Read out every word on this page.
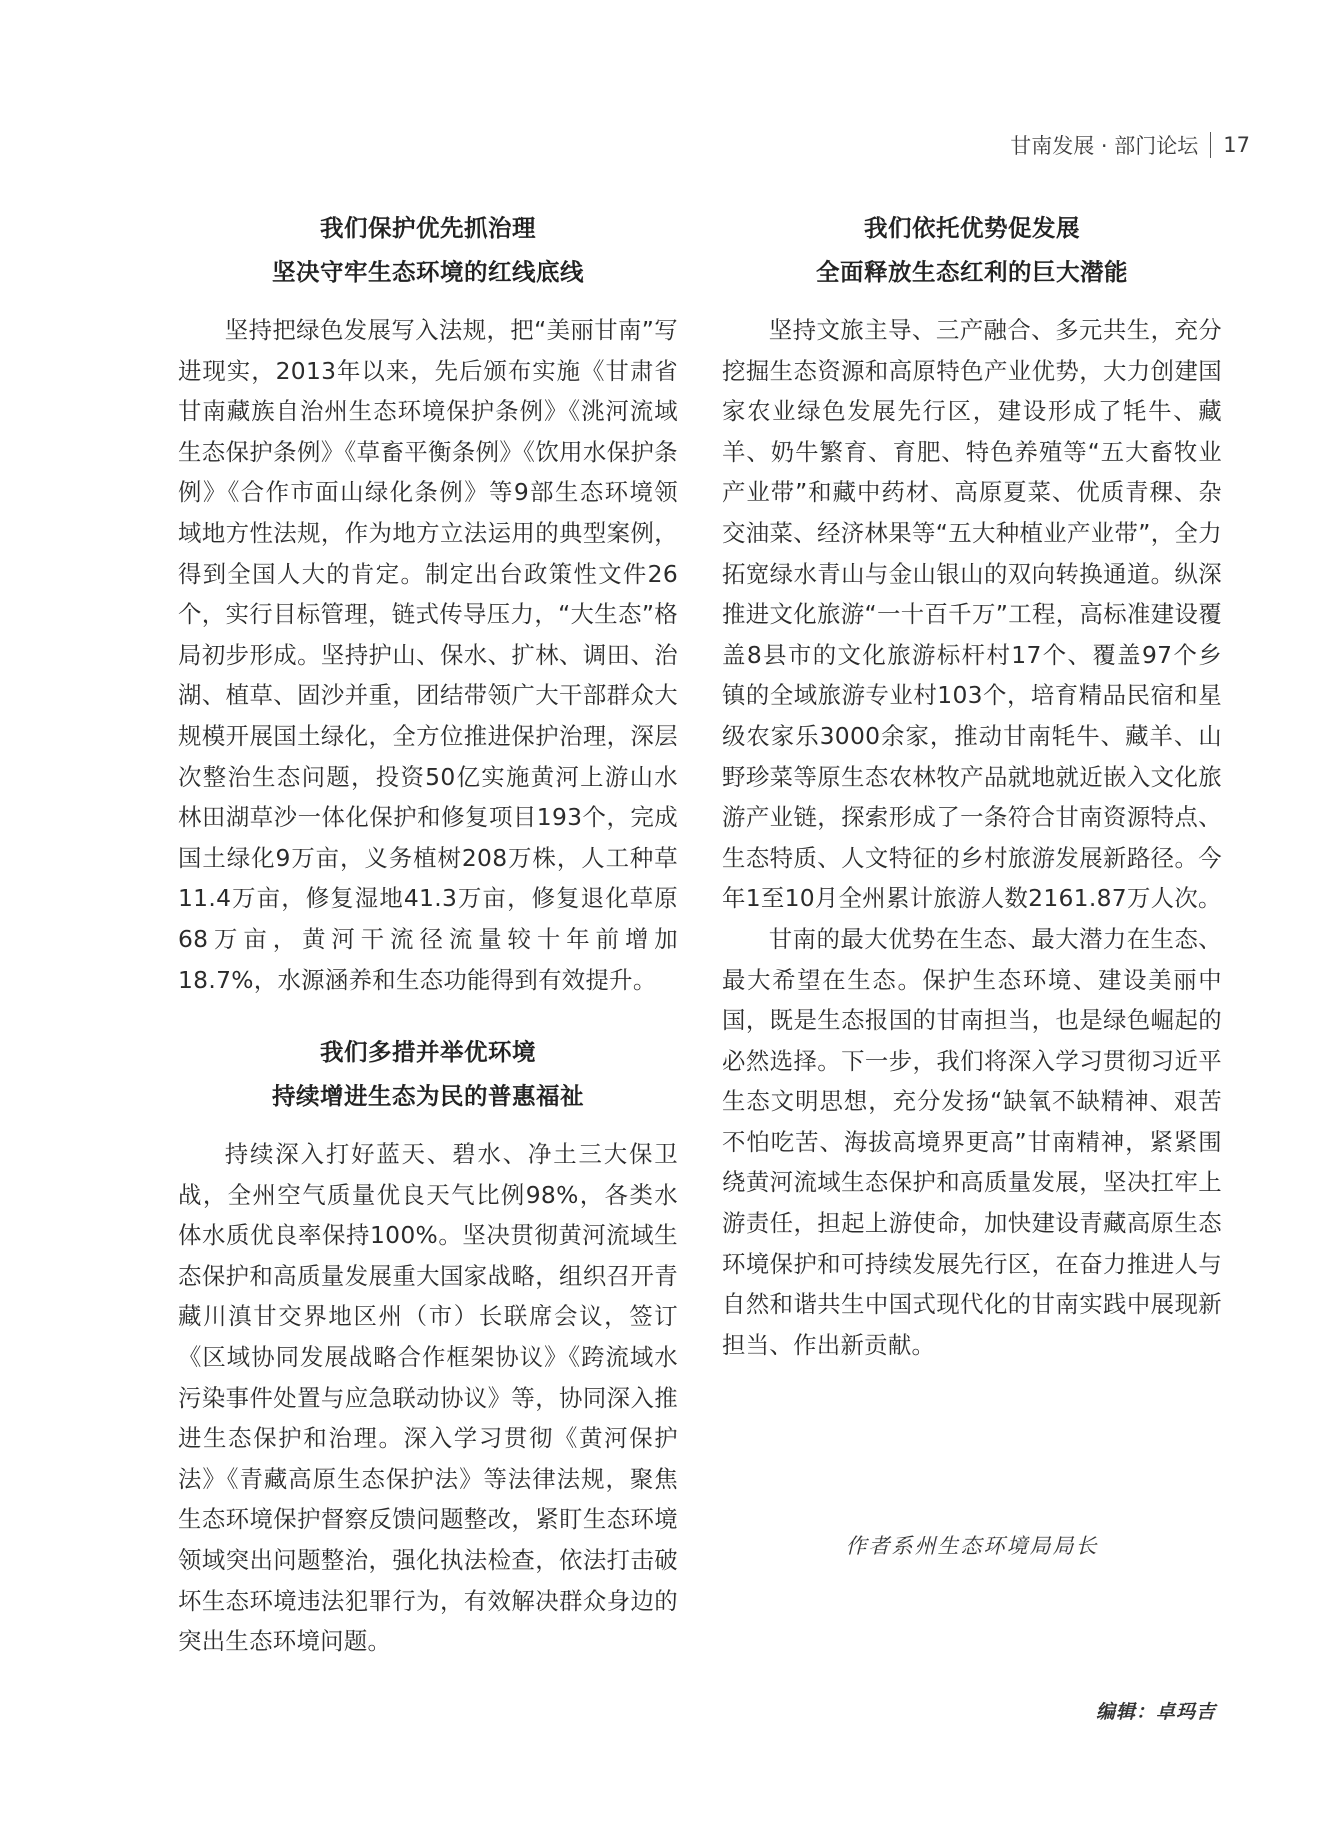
甘南发展 · 部门论坛 17
我们保护优先抓治理
坚决守牢生态环境的红线底线

坚持把绿色发展写入法规，把“美丽甘南”写进现实，2013年以来，先后颁布实施《甘肃省甘南藏族自治州生态环境保护条例》《洮河流域生态保护条例》《草畜平衡条例》《饮用水保护条例》《合作市面山绿化条例》等9部生态环境领域地方性法规，作为地方立法运用的典型案例，得到全国人大的肯定。制定出台政策性文件26个，实行目标管理，链式传导压力，“大生态”格局初步形成。坚持护山、保水、扩林、调田、治湖、植草、固沙并重，团结带领广大干部群众大规模开展国土绿化，全方位推进保护治理，深层次整治生态问题，投资50亿实施黄河上游山水林田湖草沙一体化保护和修复项目193个，完成国土绿化9万亩，义务植树208万株，人工种草11.4万亩，修复湿地41.3万亩，修复退化草原68万亩，黄河干流径流量较十年前增加18.7%，水源涵养和生态功能得到有效提升。

我们多措并举优环境
持续增进生态为民的普惠福祉

持续深入打好蓝天、碧水、净土三大保卫战，全州空气质量优良天气比例98%，各类水体水质优良率保持100%。坚决贯彻黄河流域生态保护和高质量发展重大国家战略，组织召开青藏川滇甘交界地区州（市）长联席会议，签订《区域协同发展战略合作框架协议》《跨流域水污染事件处置与应急联动协议》等，协同深入推进生态保护和治理。深入学习贯彻《黄河保护法》《青藏高原生态保护法》等法律法规，聚焦生态环境保护督察反馈问题整改，紧盯生态环境领域突出问题整治，强化执法检查，依法打击破坏生态环境违法犯罪行为，有效解决群众身边的突出生态环境问题。

我们依托优势促发展
全面释放生态红利的巨大潜能

坚持文旅主导、三产融合、多元共生，充分挖掘生态资源和高原特色产业优势，大力创建国家农业绿色发展先行区，建设形成了牦牛、藏羊、奶牛繁育、育肥、特色养殖等“五大畜牧业产业带”和藏中药材、高原夏菜、优质青稞、杂交油菜、经济林果等“五大种植业产业带”，全力拓宽绿水青山与金山银山的双向转换通道。纵深推进文化旅游“一十百千万”工程，高标准建设覆盖8县市的文化旅游标杆村17个、覆盖97个乡镇的全域旅游专业村103个，培育精品民宿和星级农家乐3000余家，推动甘南牦牛、藏羊、山野珍菜等原生态农林牧产品就地就近嵌入文化旅游产业链，探索形成了一条符合甘南资源特点、生态特质、人文特征的乡村旅游发展新路径。今年1至10月全州累计旅游人数2161.87万人次。

甘南的最大优势在生态、最大潜力在生态、最大希望在生态。保护生态环境、建设美丽中国，既是生态报国的甘南担当，也是绿色崛起的必然选择。下一步，我们将深入学习贯彻习近平生态文明思想，充分发扬“缺氧不缺精神、艰苦不怕吃苦、海拔高境界更高”甘南精神，紧紧围绕黄河流域生态保护和高质量发展，坚决扛牢上游责任，担起上游使命，加快建设青藏高原生态环境保护和可持续发展先行区，在奋力推进人与自然和谐共生中国式现代化的甘南实践中展现新担当、作出新贡献。

作者系州生态环境局局长
编辑：卓玛吉
